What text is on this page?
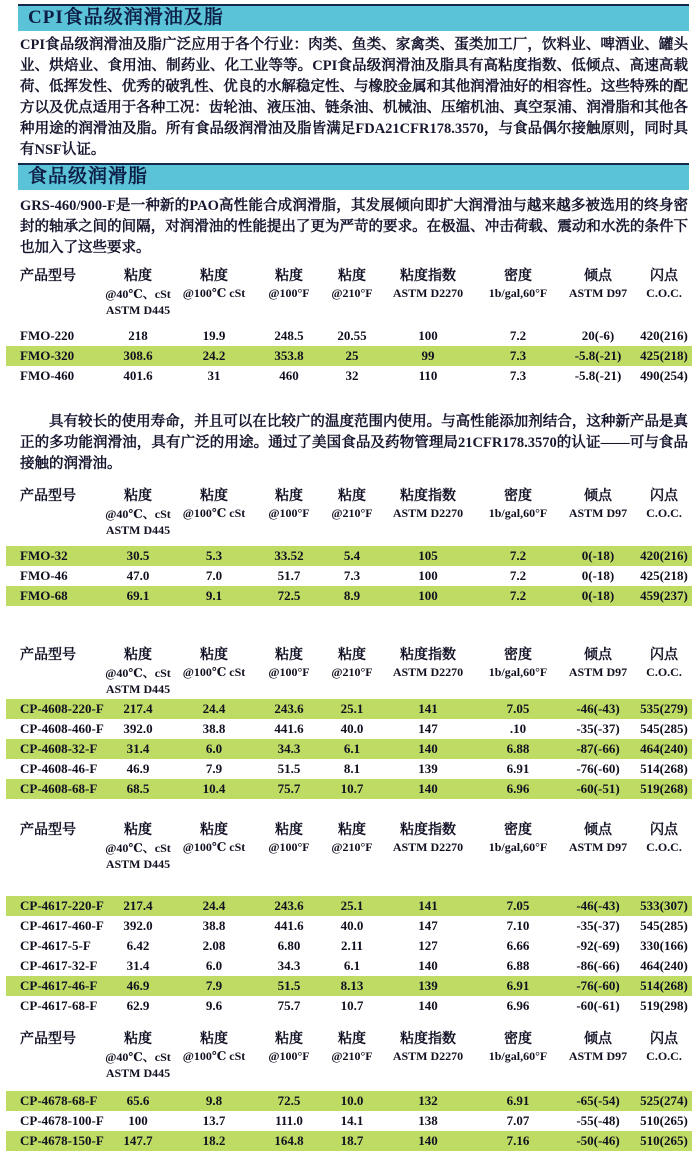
CPI食品级润滑油及脂

CPI食品级润滑油及脂广泛应用于各个行业：肉类、鱼类、家禽类、蛋类加工厂，饮料业、啤酒业、罐头业、烘焙业、食用油、制药业、化工业等等。CPI食品级润滑油及脂具有高粘度指数、低倾点、高速高载荷、低挥发性、优秀的破乳性、优良的水解稳定性、与橡胶金属和其他润滑油好的相容性。这些特殊的配方以及优点适用于各种工况：齿轮油、液压油、链条油、机械油、压缩机油、真空泵浦、润滑脂和其他各种用途的润滑油及脂。所有食品级润滑油及脂皆满足FDA21CFR178.3570，与食品偶尔接触原则，同时具有NSF认证。

食品级润滑脂

GRS-460/900-F是一种新的PAO高性能合成润滑脂，其发展倾向即扩大润滑油与越来越多被选用的终身密封的轴承之间的间隔，对润滑油的性能提出了更为严苛的要求。在极温、冲击荷载、震动和水洗的条件下也加入了这些要求。

产品型号	粘度	粘度	粘度	粘度	粘度指数	密度	倾点	闪点
	@40℃、cSt	@100℃ cSt	@100°F	@210°F	ASTM D2270	1b/gal,60°F	ASTM D97	C.O.C.
	ASTM D445							
FMO-220	218	19.9	248.5	20.55	100	7.2	20(-6)	420(216)
FMO-320	308.6	24.2	353.8	25	99	7.3	-5.8(-21)	425(218)
FMO-460	401.6	31	460	32	110	7.3	-5.8(-21)	490(254)

具有较长的使用寿命，并且可以在比较广的温度范围内使用。与高性能添加剂结合，这种新产品是真正的多功能润滑油，具有广泛的用途。通过了美国食品及药物管理局21CFR178.3570的认证——可与食品接触的润滑油。

产品型号	粘度	粘度	粘度	粘度	粘度指数	密度	倾点	闪点
	@40℃、cSt	@100℃ cSt	@100°F	@210°F	ASTM D2270	1b/gal,60°F	ASTM D97	C.O.C.
	ASTM D445							
FMO-32	30.5	5.3	33.52	5.4	105	7.2	0(-18)	420(216)
FMO-46	47.0	7.0	51.7	7.3	100	7.2	0(-18)	425(218)
FMO-68	69.1	9.1	72.5	8.9	100	7.2	0(-18)	459(237)
产品型号	粘度	粘度	粘度	粘度	粘度指数	密度	倾点	闪点
	@40℃、cSt	@100℃ cSt	@100°F	@210°F	ASTM D2270	1b/gal,60°F	ASTM D97	C.O.C.
	ASTM D445							
CP-4608-220-F	217.4	24.4	243.6	25.1	141	7.05	-46(-43)	535(279)
CP-4608-460-F	392.0	38.8	441.6	40.0	147	.10	-35(-37)	545(285)
CP-4608-32-F	31.4	6.0	34.3	6.1	140	6.88	-87(-66)	464(240)
CP-4608-46-F	46.9	7.9	51.5	8.1	139	6.91	-76(-60)	514(268)
CP-4608-68-F	68.5	10.4	75.7	10.7	140	6.96	-60(-51)	519(268)
产品型号	粘度	粘度	粘度	粘度	粘度指数	密度	倾点	闪点
	@40℃、cSt	@100℃ cSt	@100°F	@210°F	ASTM D2270	1b/gal,60°F	ASTM D97	C.O.C.
	ASTM D445							
CP-4617-220-F	217.4	24.4	243.6	25.1	141	7.05	-46(-43)	533(307)
CP-4617-460-F	392.0	38.8	441.6	40.0	147	7.10	-35(-37)	545(285)
CP-4617-5-F	6.42	2.08	6.80	2.11	127	6.66	-92(-69)	330(166)
CP-4617-32-F	31.4	6.0	34.3	6.1	140	6.88	-86(-66)	464(240)
CP-4617-46-F	46.9	7.9	51.5	8.13	139	6.91	-76(-60)	514(268)
CP-4617-68-F	62.9	9.6	75.7	10.7	140	6.96	-60(-61)	519(298)
产品型号	粘度	粘度	粘度	粘度	粘度指数	密度	倾点	闪点
	@40℃、cSt	@100℃ cSt	@100°F	@210°F	ASTM D2270	1b/gal,60°F	ASTM D97	C.O.C.
	ASTM D445							
CP-4678-68-F	65.6	9.8	72.5	10.0	132	6.91	-65(-54)	525(274)
CP-4678-100-F	100	13.7	111.0	14.1	138	7.07	-55(-48)	510(265)
CP-4678-150-F	147.7	18.2	164.8	18.7	140	7.16	-50(-46)	510(265)
